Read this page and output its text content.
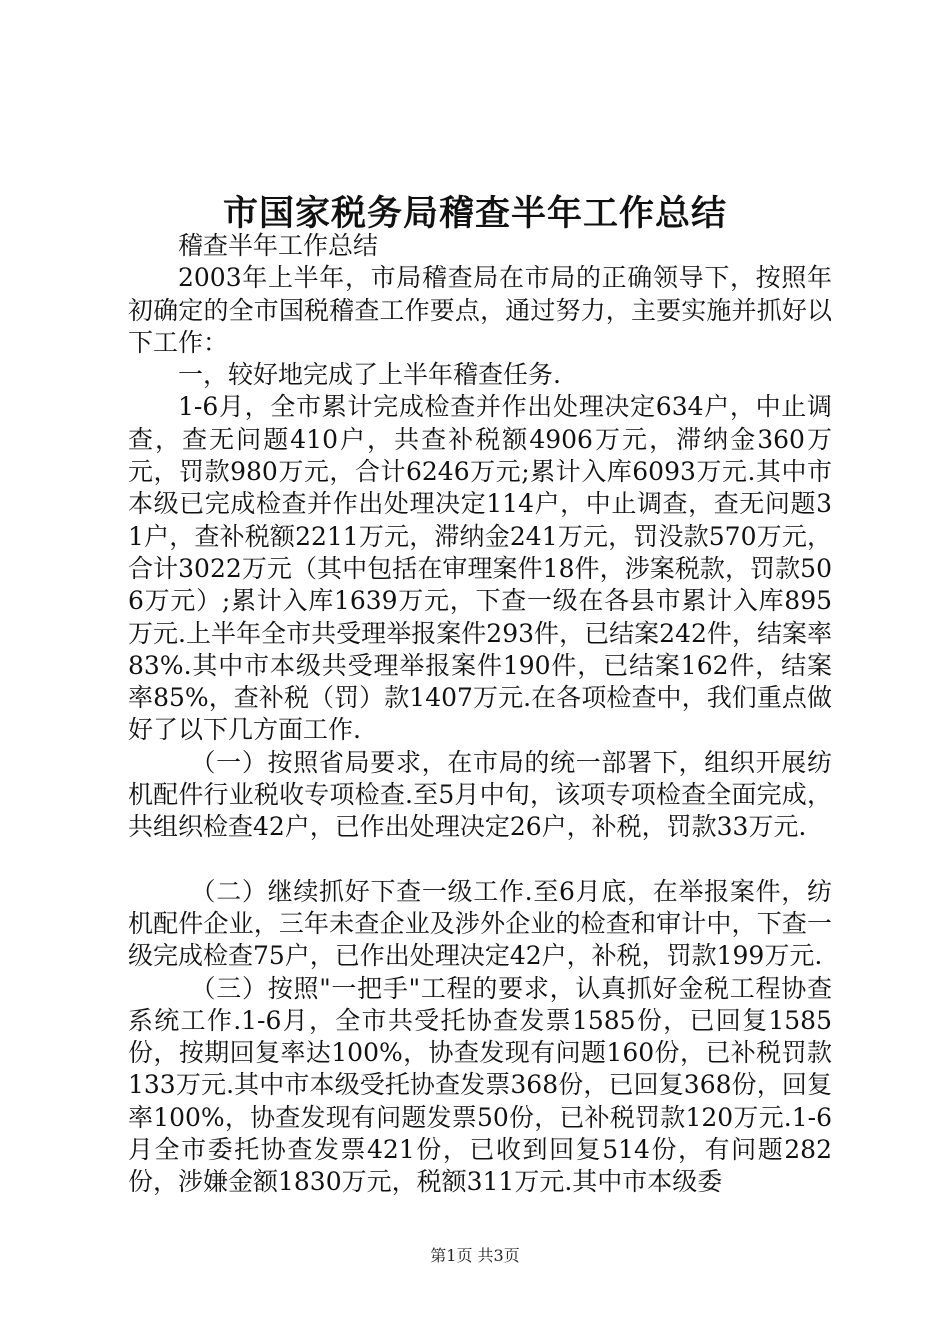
市国家税务局稽查半年工作总结

稽查半年工作总结

2003年上半年，市局稽查局在市局的正确领导下，按照年初确定的全市国税稽查工作要点，通过努力，主要实施并抓好以下工作：

一，较好地完成了上半年稽查任务.

1-6月，全市累计完成检查并作出处理决定634户，中止调查，查无问题410户，共查补税额4906万元，滞纳金360万元，罚款980万元，合计6246万元;累计入库6093万元.其中市本级已完成检查并作出处理决定114户，中止调查，查无问题31户，查补税额2211万元，滞纳金241万元，罚没款570万元，合计3022万元（其中包括在审理案件18件，涉案税款，罚款506万元）;累计入库1639万元，下查一级在各县市累计入库895万元.上半年全市共受理举报案件293件，已结案242件，结案率83%.其中市本级共受理举报案件190件，已结案162件，结案率85%，查补税（罚）款1407万元.在各项检查中，我们重点做好了以下几方面工作.

（一）按照省局要求，在市局的统一部署下，组织开展纺机配件行业税收专项检查.至5月中旬，该项专项检查全面完成，共组织检查42户，已作出处理决定26户，补税，罚款33万元.

（二）继续抓好下查一级工作.至6月底，在举报案件，纺机配件企业，三年未查企业及涉外企业的检查和审计中，下查一级完成检查75户，已作出处理决定42户，补税，罚款199万元.

（三）按照"一把手"工程的要求，认真抓好金税工程协查系统工作.1-6月，全市共受托协查发票1585份，已回复1585份，按期回复率达100%，协查发现有问题160份，已补税罚款133万元.其中市本级受托协查发票368份，已回复368份，回复率100%，协查发现有问题发票50份，已补税罚款120万元.1-6月全市委托协查发票421份，已收到回复514份，有问题282份，涉嫌金额1830万元，税额311万元.其中市本级委

第1页 共3页
